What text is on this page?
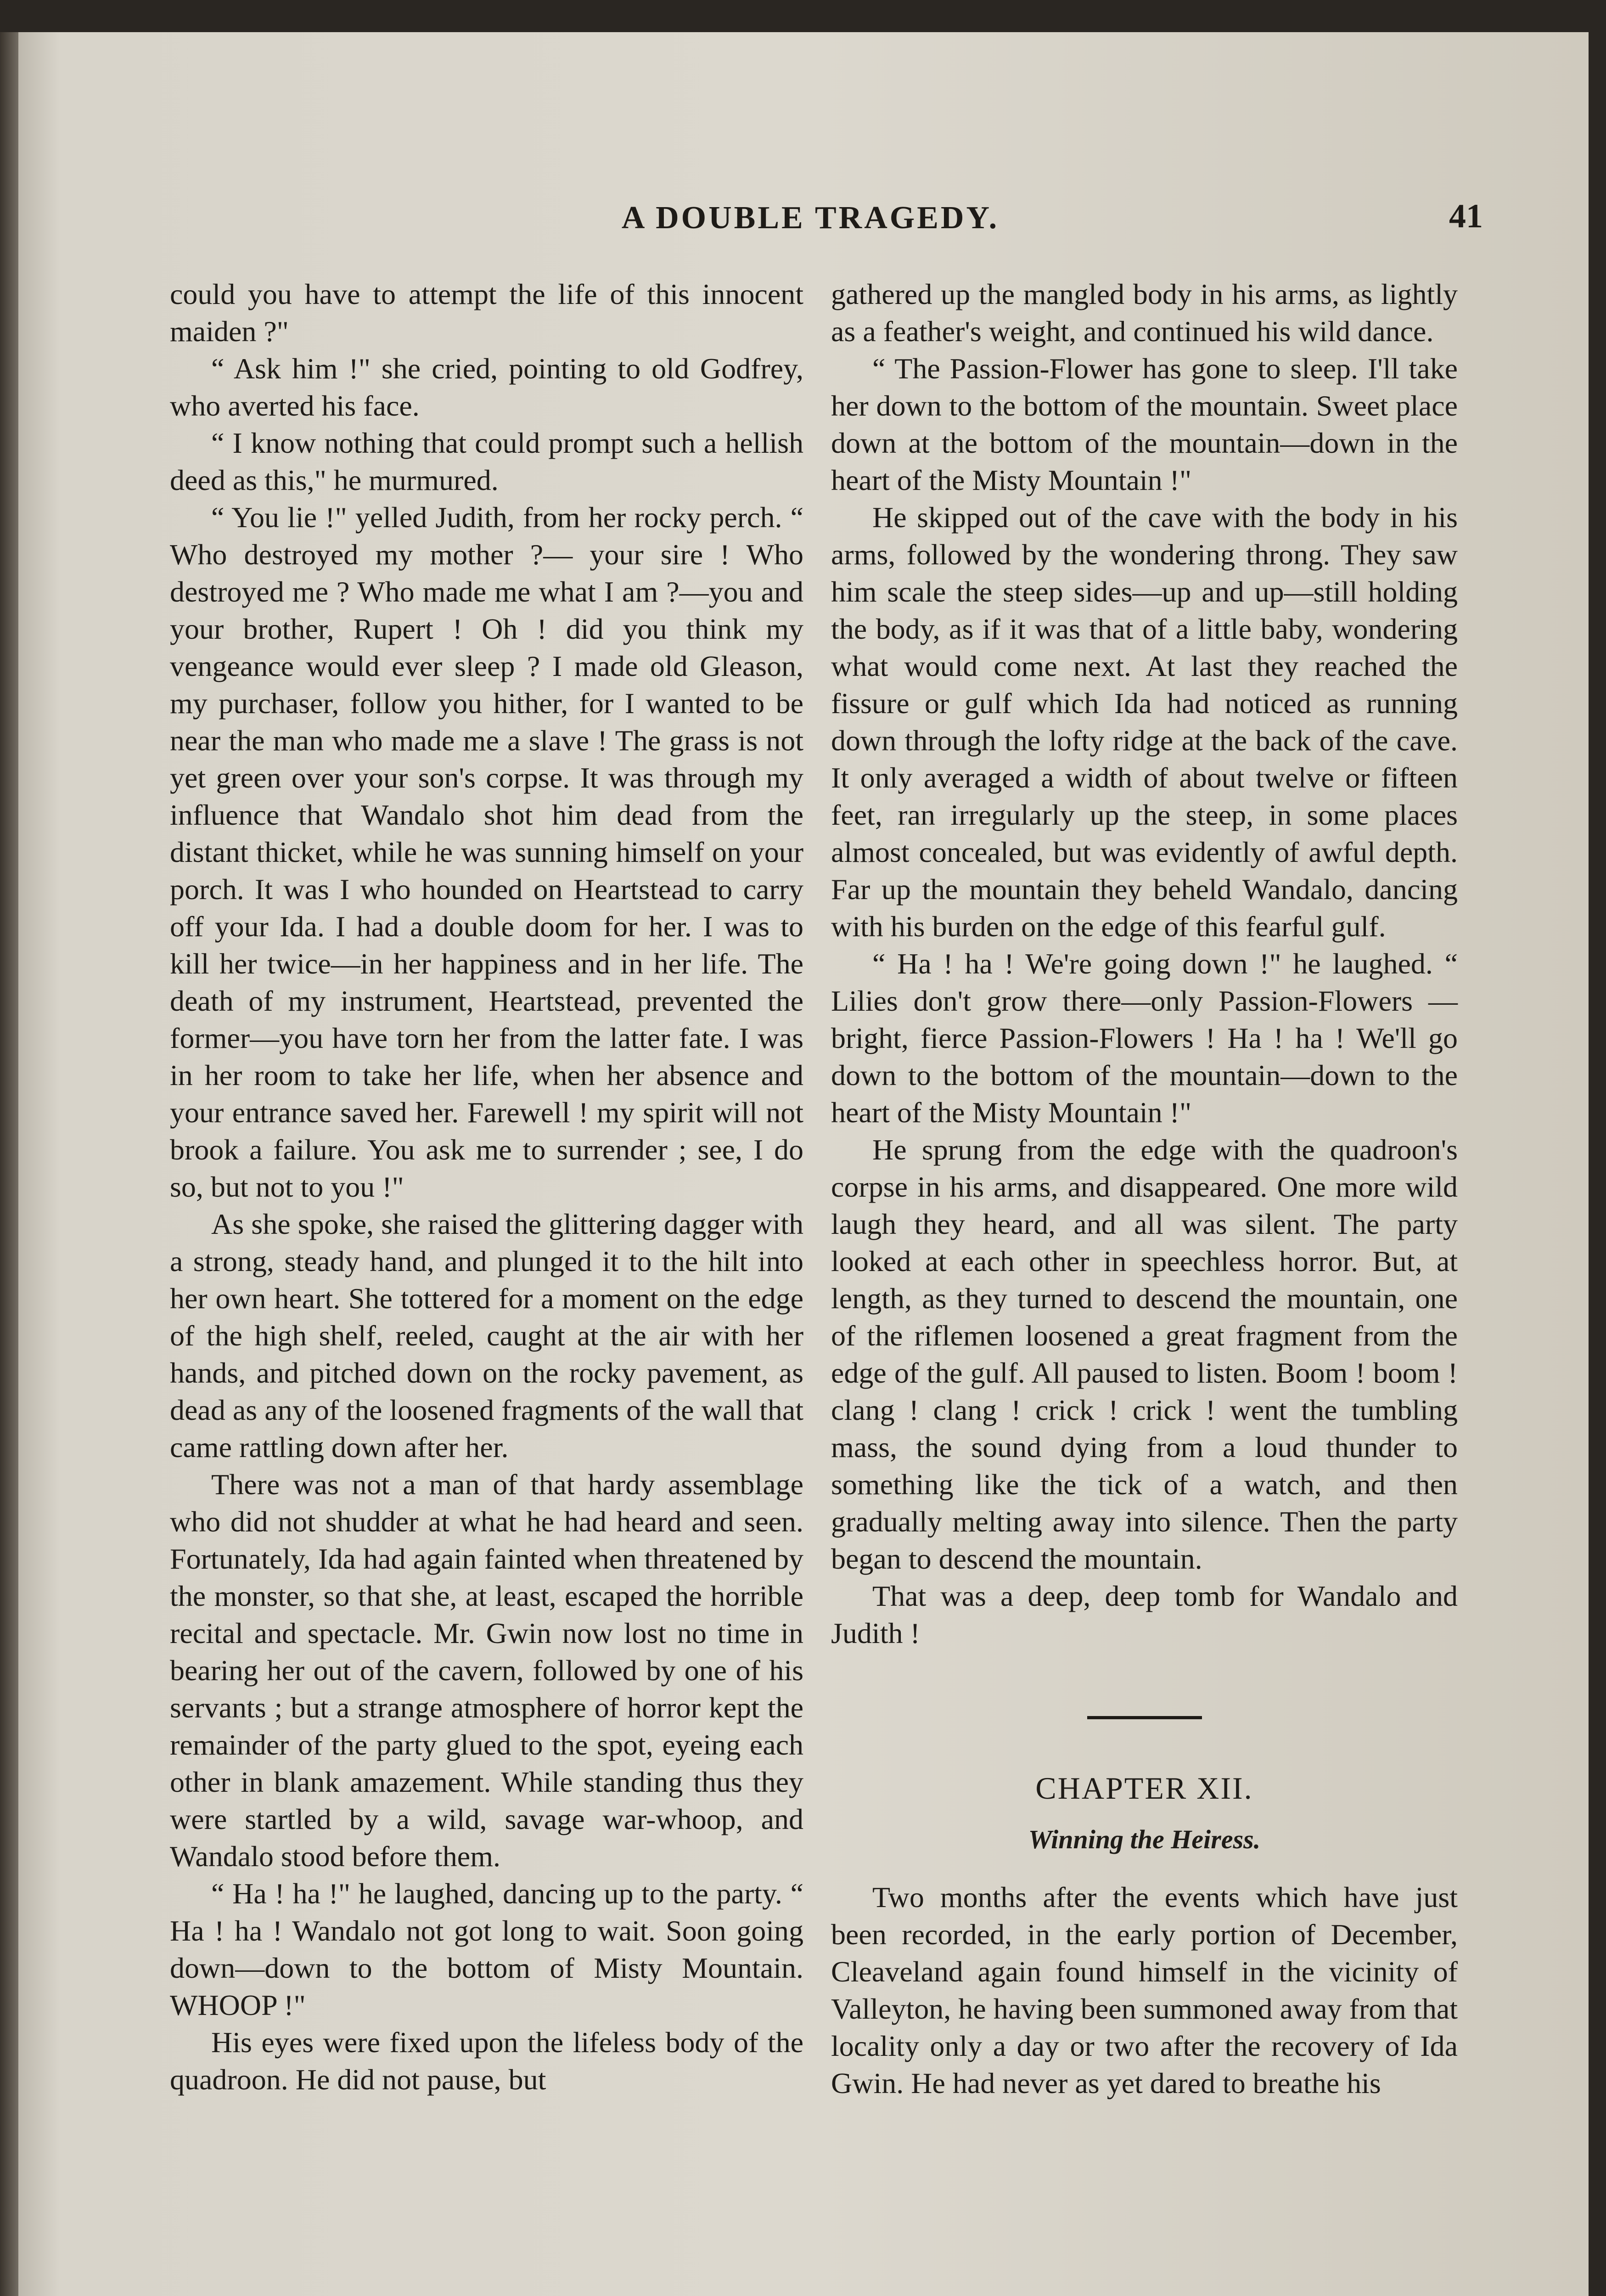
A DOUBLE TRAGEDY.	41

could you have to attempt the life of this innocent maiden ?"

“ Ask him !" she cried, pointing to old Godfrey, who averted his face.

“ I know nothing that could prompt such a hellish deed as this," he murmured.

“ You lie !" yelled Judith, from her rocky perch. “ Who destroyed my mother ?— your sire ! Who destroyed me ? Who made me what I am ?—you and your brother, Rupert ! Oh ! did you think my vengeance would ever sleep ? I made old Gleason, my purchaser, follow you hither, for I wanted to be near the man who made me a slave ! The grass is not yet green over your son's corpse. It was through my influence that Wandalo shot him dead from the distant thicket, while he was sunning himself on your porch. It was I who hounded on Heartstead to carry off your Ida. I had a double doom for her. I was to kill her twice—in her happiness and in her life. The death of my instrument, Heartstead, prevented the former—you have torn her from the latter fate. I was in her room to take her life, when her absence and your entrance saved her. Farewell ! my spirit will not brook a failure. You ask me to surrender ; see, I do so, but not to you !"

As she spoke, she raised the glittering dagger with a strong, steady hand, and plunged it to the hilt into her own heart. She tottered for a moment on the edge of the high shelf, reeled, caught at the air with her hands, and pitched down on the rocky pavement, as dead as any of the loosened fragments of the wall that came rattling down after her.

There was not a man of that hardy assemblage who did not shudder at what he had heard and seen. Fortunately, Ida had again fainted when threatened by the monster, so that she, at least, escaped the horrible recital and spectacle. Mr. Gwin now lost no time in bearing her out of the cavern, followed by one of his servants ; but a strange atmosphere of horror kept the remainder of the party glued to the spot, eyeing each other in blank amazement. While standing thus they were startled by a wild, savage war-whoop, and Wandalo stood before them.

“ Ha ! ha !" he laughed, dancing up to the party. “ Ha ! ha ! Wandalo not got long to wait. Soon going down—down to the bottom of Misty Mountain. WHOOP !"

His eyes were fixed upon the lifeless body of the quadroon. He did not pause, but

gathered up the mangled body in his arms, as lightly as a feather's weight, and continued his wild dance.

“ The Passion-Flower has gone to sleep. I'll take her down to the bottom of the mountain. Sweet place down at the bottom of the mountain—down in the heart of the Misty Mountain !"

He skipped out of the cave with the body in his arms, followed by the wondering throng. They saw him scale the steep sides—up and up—still holding the body, as if it was that of a little baby, wondering what would come next. At last they reached the fissure or gulf which Ida had noticed as running down through the lofty ridge at the back of the cave. It only averaged a width of about twelve or fifteen feet, ran irregularly up the steep, in some places almost concealed, but was evidently of awful depth. Far up the mountain they beheld Wandalo, dancing with his burden on the edge of this fearful gulf.

“ Ha ! ha ! We're going down !" he laughed. “ Lilies don't grow there—only Passion-Flowers — bright, fierce Passion-Flowers ! Ha ! ha ! We'll go down to the bottom of the mountain—down to the heart of the Misty Mountain !"

He sprung from the edge with the quadroon's corpse in his arms, and disappeared. One more wild laugh they heard, and all was silent. The party looked at each other in speechless horror. But, at length, as they turned to descend the mountain, one of the riflemen loosened a great fragment from the edge of the gulf. All paused to listen. Boom ! boom ! clang ! clang ! crick ! crick ! went the tumbling mass, the sound dying from a loud thunder to something like the tick of a watch, and then gradually melting away into silence. Then the party began to descend the mountain.

That was a deep, deep tomb for Wandalo and Judith !

CHAPTER XII.
Winning the Heiress.

Two months after the events which have just been recorded, in the early portion of December, Cleaveland again found himself in the vicinity of Valleyton, he having been summoned away from that locality only a day or two after the recovery of Ida Gwin. He had never as yet dared to breathe his
